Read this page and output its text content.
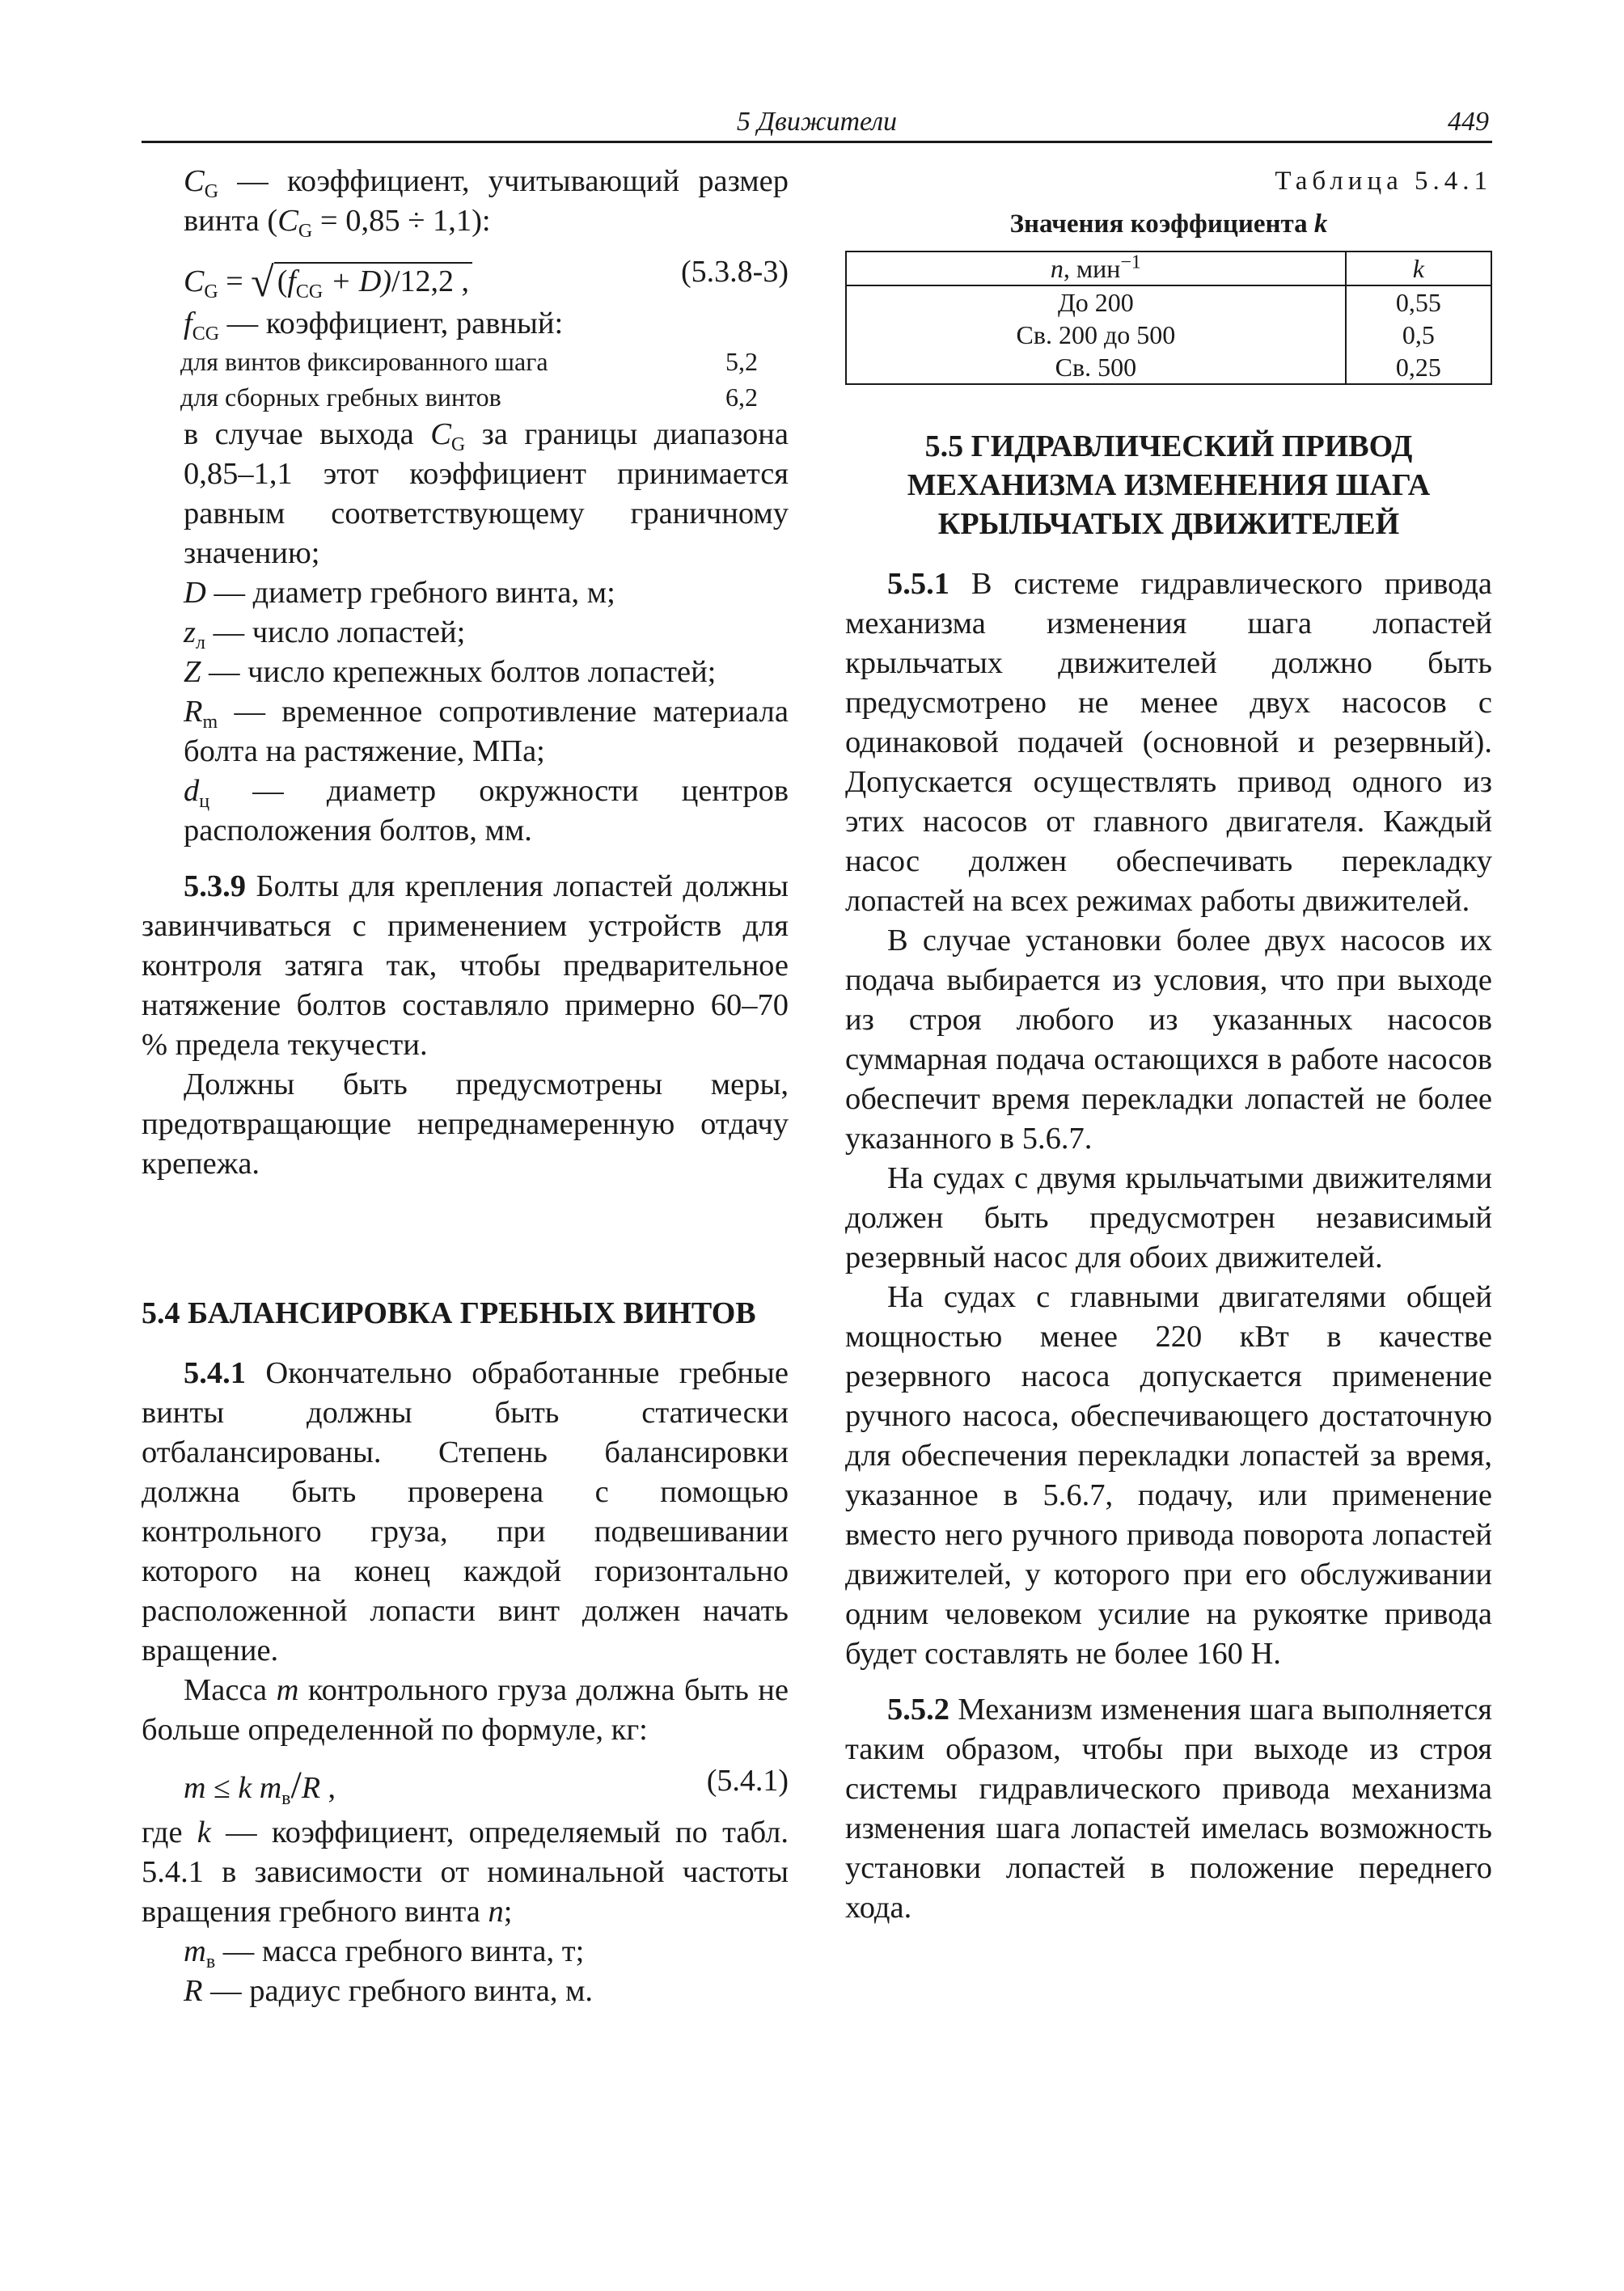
5 Движители	449

$C_G$ — коэффициент, учитывающий размер винта $(C_G = 0,85 \div 1,1)$:

$C_G$ = √ $(f_{CG} + D)/12,2$ ,	(5.3.8-3)

$f_{CG}$ — коэффициент, равный:

для винтов фиксированного шага	5,2
для сборных гребных винтов	6,2

в случае выхода $C_G$ за границы диапазона 0,85–1,1 этот коэффициент принимается равным соответствующему граничному значению;

D — диаметр гребного винта, м;

$z_л$ — число лопастей;

Z — число крепежных болтов лопастей;

$R_m$ — временное сопротивление материала болта на растяжение, МПа;

$d_ц$ — диаметр окружности центров расположения болтов, мм.

5.3.9 Болты для крепления лопастей должны завинчиваться с применением устройств для контроля затяга так, чтобы предварительное натяжение болтов составляло примерно 60–70 % предела текучести.

Должны быть предусмотрены меры, предотвращающие непреднамеренную отдачу крепежа.

5.4 БАЛАНСИРОВКА ГРЕБНЫХ ВИНТОВ

5.4.1 Окончательно обработанные гребные винты должны быть статически отбалансированы. Степень балансировки должна быть проверена с помощью контрольного груза, при подвешивании которого на конец каждой горизонтально расположенной лопасти винт должен начать вращение.

Масса m контрольного груза должна быть не больше определенной по формуле, кг:

m ≤ k $m_в/R$ ,	(5.4.1)

где k — коэффициент, определяемый по табл. 5.4.1 в зависимости от номинальной частоты вращения гребного винта n;

$m_в$ — масса гребного винта, т;

R — радиус гребного винта, м.

Таблица 5.4.1

Значения коэффициента k

n, мин$^{-1}$	k
До 200	0,55
Св. 200 до 500	0,5
Св. 500	0,25

5.5 ГИДРАВЛИЧЕСКИЙ ПРИВОД

МЕХАНИЗМА ИЗМЕНЕНИЯ ШАГА

КРЫЛЬЧАТЫХ ДВИЖИТЕЛЕЙ

5.5.1 В системе гидравлического привода механизма изменения шага лопастей крыльчатых движителей должно быть предусмотрено не менее двух насосов с одинаковой подачей (основной и резервный). Допускается осуществлять привод одного из этих насосов от главного двигателя. Каждый насос должен обеспечивать перекладку лопастей на всех режимах работы движителей.

В случае установки более двух насосов их подача выбирается из условия, что при выходе из строя любого из указанных насосов суммарная подача остающихся в работе насосов обеспечит время перекладки лопастей не более указанного в 5.6.7.

На судах с двумя крыльчатыми движителями должен быть предусмотрен независимый резервный насос для обоих движителей.

На судах с главными двигателями общей мощностью менее 220 кВт в качестве резервного насоса допускается применение ручного насоса, обеспечивающего достаточную для обеспечения перекладки лопастей за время, указанное в 5.6.7, подачу, или применение вместо него ручного привода поворота лопастей движителей, у которого при его обслуживании одним человеком усилие на рукоятке привода будет составлять не более 160 Н.

5.5.2 Механизм изменения шага выполняется таким образом, чтобы при выходе из строя системы гидравлического привода механизма изменения шага лопастей имелась возможность установки лопастей в положение переднего хода.
